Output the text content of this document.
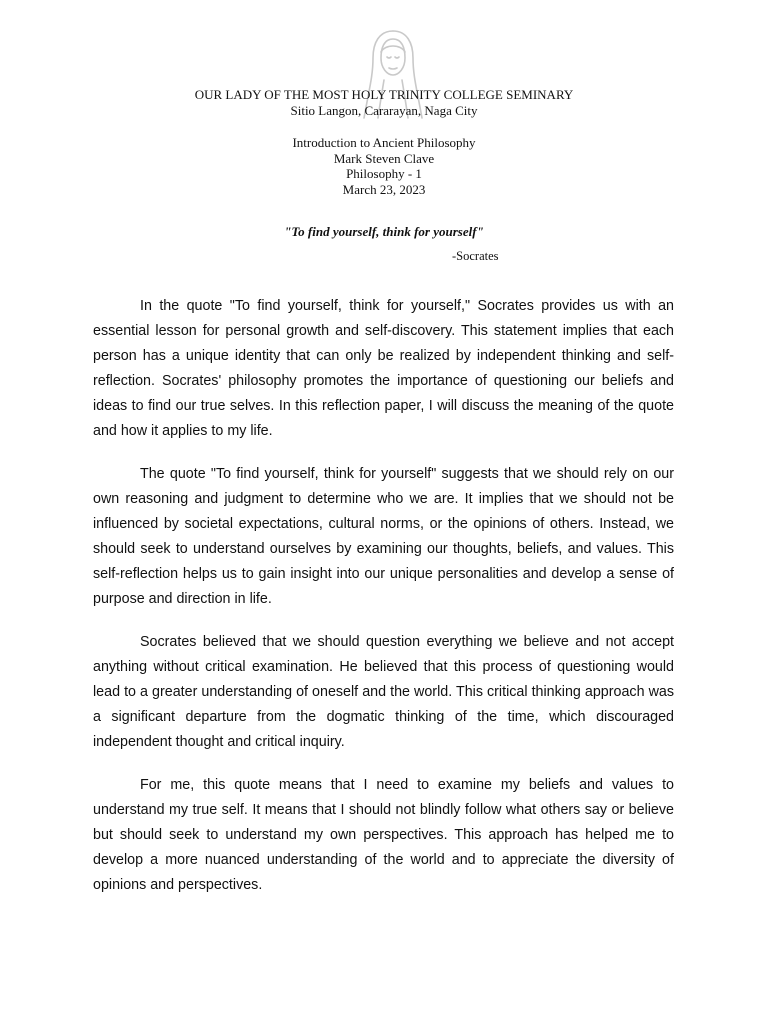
OUR LADY OF THE MOST HOLY TRINITY COLLEGE SEMINARY
Sitio Langon, Cararayan, Naga City
Introduction to Ancient Philosophy
Mark Steven Clave
Philosophy - 1
March 23, 2023
"To find yourself, think for yourself"
-Socrates

In the quote "To find yourself, think for yourself," Socrates provides us with an essential lesson for personal growth and self-discovery. This statement implies that each person has a unique identity that can only be realized by independent thinking and self-reflection. Socrates' philosophy promotes the importance of questioning our beliefs and ideas to find our true selves. In this reflection paper, I will discuss the meaning of the quote and how it applies to my life.

The quote "To find yourself, think for yourself" suggests that we should rely on our own reasoning and judgment to determine who we are. It implies that we should not be influenced by societal expectations, cultural norms, or the opinions of others. Instead, we should seek to understand ourselves by examining our thoughts, beliefs, and values. This self-reflection helps us to gain insight into our unique personalities and develop a sense of purpose and direction in life.

Socrates believed that we should question everything we believe and not accept anything without critical examination. He believed that this process of questioning would lead to a greater understanding of oneself and the world. This critical thinking approach was a significant departure from the dogmatic thinking of the time, which discouraged independent thought and critical inquiry.

For me, this quote means that I need to examine my beliefs and values to understand my true self. It means that I should not blindly follow what others say or believe but should seek to understand my own perspectives. This approach has helped me to develop a more nuanced understanding of the world and to appreciate the diversity of opinions and perspectives.
